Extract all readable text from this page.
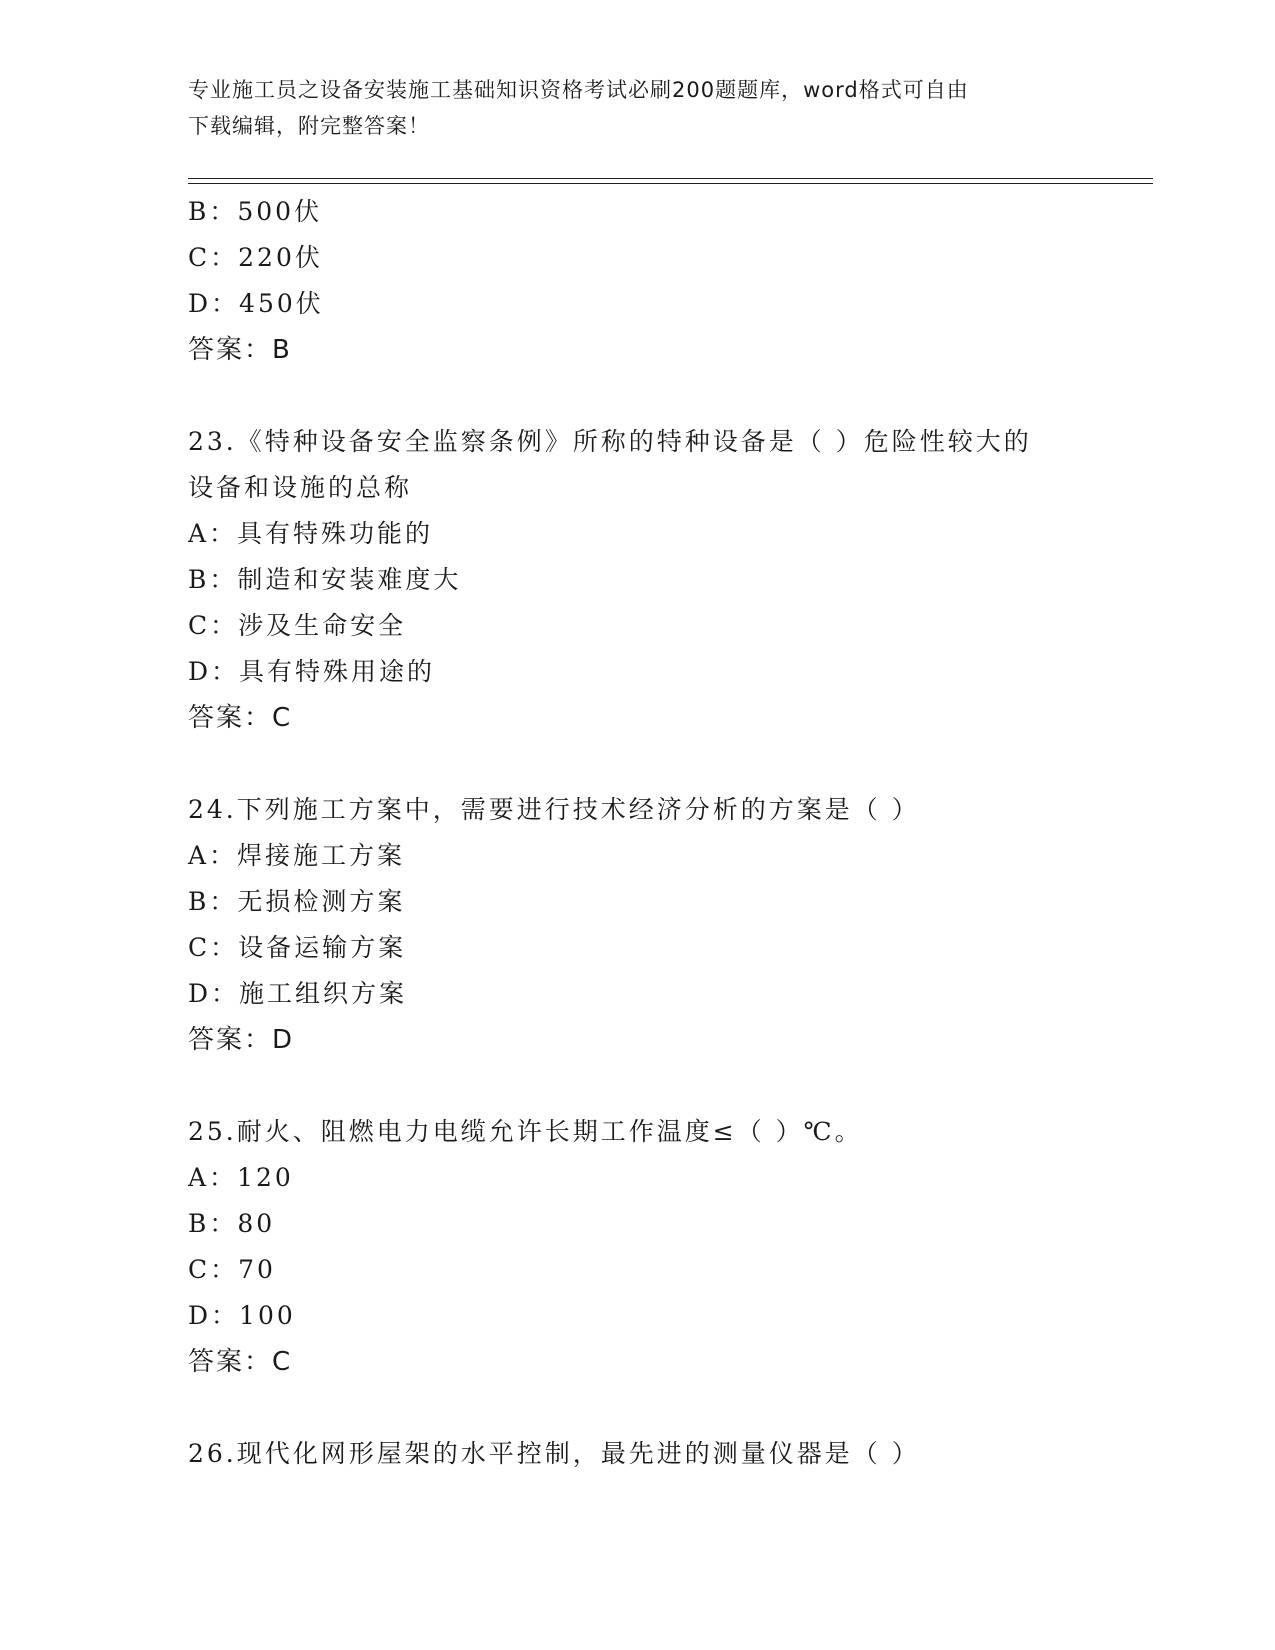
专业施工员之设备安装施工基础知识资格考试必刷200题题库，word格式可自由
下载编辑，附完整答案！
B：500伏
C：220伏
D：450伏
答案：B
23.《特种设备安全监察条例》所称的特种设备是（ ）危险性较大的
设备和设施的总称
A：具有特殊功能的
B：制造和安装难度大
C：涉及生命安全
D：具有特殊用途的
答案：C
24.下列施工方案中，需要进行技术经济分析的方案是（ ）
A：焊接施工方案
B：无损检测方案
C：设备运输方案
D：施工组织方案
答案：D
25.耐火、阻燃电力电缆允许长期工作温度≤（ ）℃。
A：120
B：80
C：70
D：100
答案：C
26.现代化网形屋架的水平控制，最先进的测量仪器是（ ）
